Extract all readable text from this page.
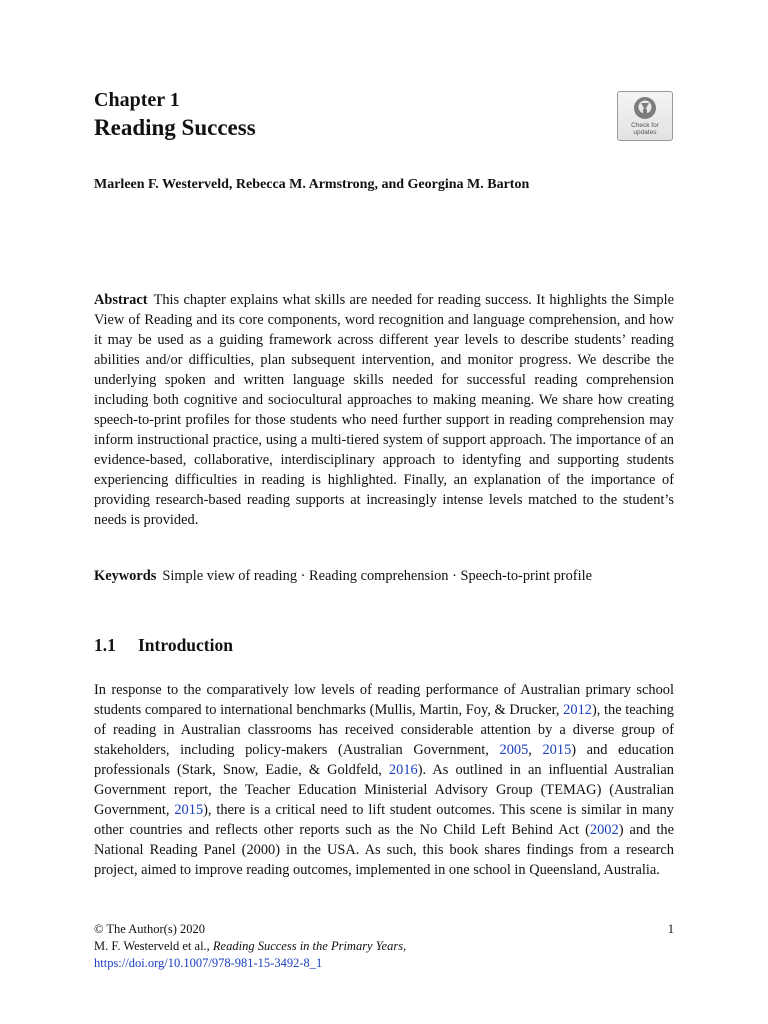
Chapter 1
Reading Success	Check for
updates
Marleen F. Westerveld, Rebecca M. Armstrong, and Georgina M. Barton
Abstract This chapter explains what skills are needed for reading success. It highlights the Simple View of Reading and its core components, word recognition and language comprehension, and how it may be used as a guiding framework across different year levels to describe students’ reading abilities and/or difficulties, plan subsequent intervention, and monitor progress. We describe the underlying spoken and written language skills needed for successful reading comprehension including both cognitive and sociocultural approaches to making meaning. We share how creating speech-to-print profiles for those students who need further support in reading comprehension may inform instructional practice, using a multi-tiered system of support approach. The importance of an evidence-based, collaborative, interdisciplinary approach to identyfing and supporting students experiencing difficulties in reading is highlighted. Finally, an explanation of the importance of providing research-based reading supports at increasingly intense levels matched to the student’s needs is provided.
Keywords Simple view of reading · Reading comprehension · Speech-to-print profile
1.1 Introduction
In response to the comparatively low levels of reading performance of Australian primary school students compared to international benchmarks (Mullis, Martin, Foy, & Drucker, 2012), the teaching of reading in Australian classrooms has received considerable attention by a diverse group of stakeholders, including policy-makers (Australian Government, 2005, 2015) and education professionals (Stark, Snow, Eadie, & Goldfeld, 2016). As outlined in an influential Australian Government report, the Teacher Education Ministerial Advisory Group (TEMAG) (Australian Government, 2015), there is a critical need to lift student outcomes. This scene is similar in many other countries and reflects other reports such as the No Child Left Behind Act (2002) and the National Reading Panel (2000) in the USA. As such, this book shares findings from a research project, aimed to improve reading outcomes, implemented in one school in Queensland, Australia.
© The Author(s) 2020	1
M. F. Westerveld et al., Reading Success in the Primary Years,
https://doi.org/10.1007/978-981-15-3492-8_1
